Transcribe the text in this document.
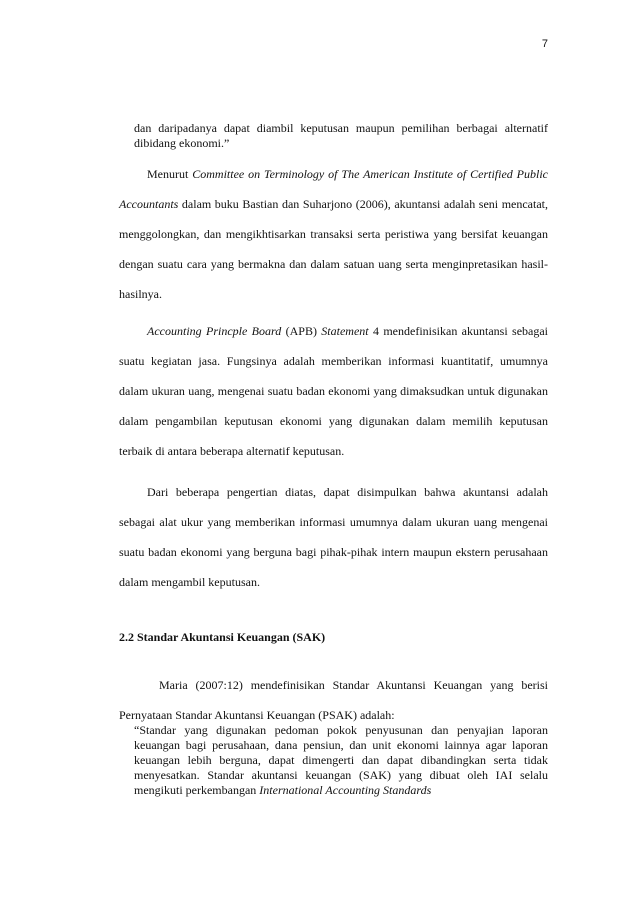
7
dan daripadanya dapat diambil keputusan maupun pemilihan berbagai alternatif dibidang ekonomi.”
Menurut Committee on Terminology of The American Institute of Certified Public Accountants dalam buku Bastian dan Suharjono (2006), akuntansi adalah seni mencatat, menggolongkan, dan mengikhtisarkan transaksi serta peristiwa yang bersifat keuangan dengan suatu cara yang bermakna dan dalam satuan uang serta menginpretasikan hasil-hasilnya.
Accounting Princple Board (APB) Statement 4 mendefinisikan akuntansi sebagai suatu kegiatan jasa. Fungsinya adalah memberikan informasi kuantitatif, umumnya dalam ukuran uang, mengenai suatu badan ekonomi yang dimaksudkan untuk digunakan dalam pengambilan keputusan ekonomi yang digunakan dalam memilih keputusan terbaik di antara beberapa alternatif keputusan.
Dari beberapa pengertian diatas, dapat disimpulkan bahwa akuntansi adalah sebagai alat ukur yang memberikan informasi umumnya dalam ukuran uang mengenai suatu badan ekonomi yang berguna bagi pihak-pihak intern maupun ekstern perusahaan dalam mengambil keputusan.
2.2 Standar Akuntansi Keuangan (SAK)
Maria (2007:12) mendefinisikan Standar Akuntansi Keuangan yang berisi Pernyataan Standar Akuntansi Keuangan (PSAK) adalah:
“Standar yang digunakan pedoman pokok penyusunan dan penyajian laporan keuangan bagi perusahaan, dana pensiun, dan unit ekonomi lainnya agar laporan keuangan lebih berguna, dapat dimengerti dan dapat dibandingkan serta tidak menyesatkan. Standar akuntansi keuangan (SAK) yang dibuat oleh IAI selalu mengikuti perkembangan International Accounting Standards
